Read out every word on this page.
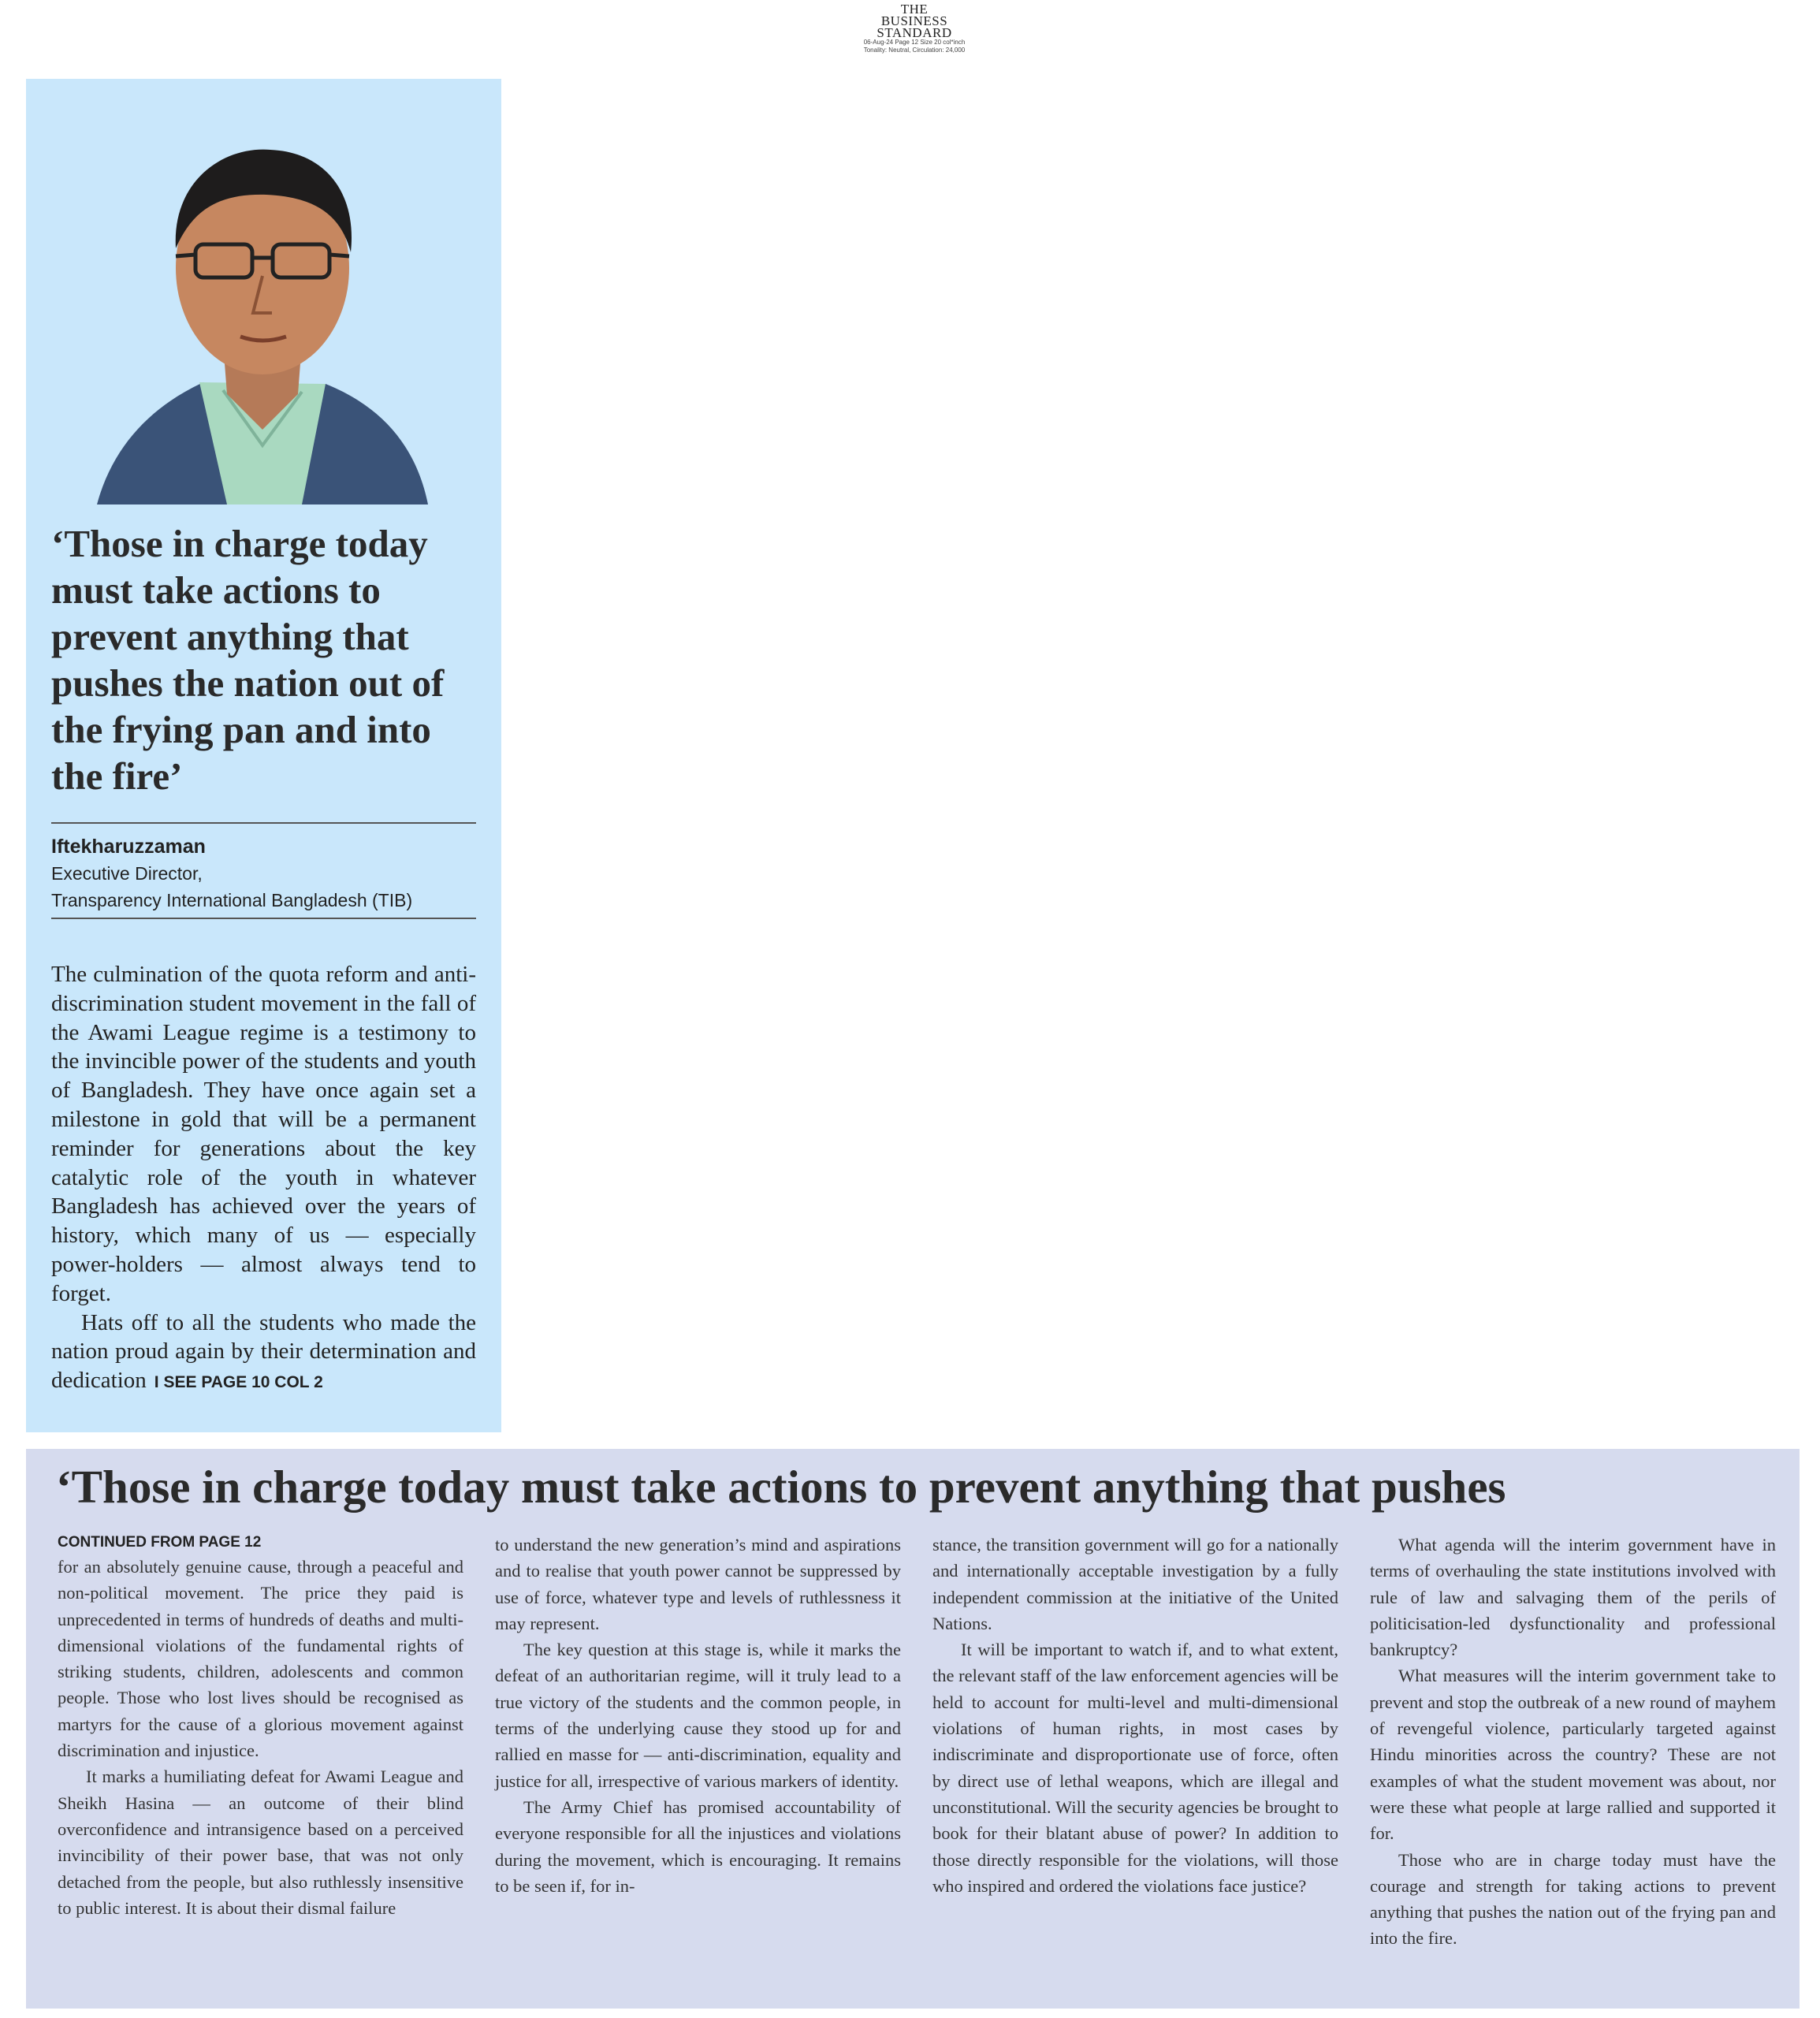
THE
BUSINESS
STANDARD
06-Aug-24 Page 12 Size 20 col*inch
Tonality: Neutral, Circulation: 24,000
‘Those in charge today must take actions to prevent anything that pushes the nation out of the frying pan and into the fire’
Iftekharuzzaman
Executive Director,
Transparency International Bangladesh (TIB)

The culmination of the quota reform and anti-discrimination student movement in the fall of the Awami League regime is a testimony to the invincible power of the students and youth of Bangladesh. They have once again set a milestone in gold that will be a permanent reminder for generations about the key catalytic role of the youth in whatever Bangladesh has achieved over the years of history, which many of us — especially power-holders — almost always tend to forget.

Hats off to all the students who made the nation proud again by their determination and dedication I SEE PAGE 10 COL 2

‘Those in charge today must take actions to prevent anything that pushes
CONTINUED FROM PAGE 12

for an absolutely genuine cause, through a peaceful and non-political movement. The price they paid is unprecedented in terms of hundreds of deaths and multi-dimensional violations of the fundamental rights of striking students, children, adolescents and common people. Those who lost lives should be recognised as martyrs for the cause of a glorious movement against discrimination and injustice.

It marks a humiliating defeat for Awami League and Sheikh Hasina — an outcome of their blind overconfidence and intransigence based on a perceived invincibility of their power base, that was not only detached from the people, but also ruthlessly insensitive to public interest. It is about their dismal failure

to understand the new generation’s mind and aspirations and to realise that youth power cannot be suppressed by use of force, whatever type and levels of ruthlessness it may represent.

The key question at this stage is, while it marks the defeat of an authoritarian regime, will it truly lead to a true victory of the students and the common people, in terms of the underlying cause they stood up for and rallied en masse for — anti-discrimination, equality and justice for all, irrespective of various markers of identity.

The Army Chief has promised accountability of everyone responsible for all the injustices and violations during the movement, which is encouraging. It remains to be seen if, for in-

stance, the transition government will go for a nationally and internationally acceptable investigation by a fully independent commission at the initiative of the United Nations.

It will be important to watch if, and to what extent, the relevant staff of the law enforcement agencies will be held to account for multi-level and multi-dimensional violations of human rights, in most cases by indiscriminate and disproportionate use of force, often by direct use of lethal weapons, which are illegal and unconstitutional. Will the security agencies be brought to book for their blatant abuse of power? In addition to those directly responsible for the violations, will those who inspired and ordered the violations face justice?

What agenda will the interim government have in terms of overhauling the state institutions involved with rule of law and salvaging them of the perils of politicisation-led dysfunctionality and professional bankruptcy?

What measures will the interim government take to prevent and stop the outbreak of a new round of mayhem of revengeful violence, particularly targeted against Hindu minorities across the country? These are not examples of what the student movement was about, nor were these what people at large rallied and supported it for.

Those who are in charge today must have the courage and strength for taking actions to prevent anything that pushes the nation out of the frying pan and into the fire.
